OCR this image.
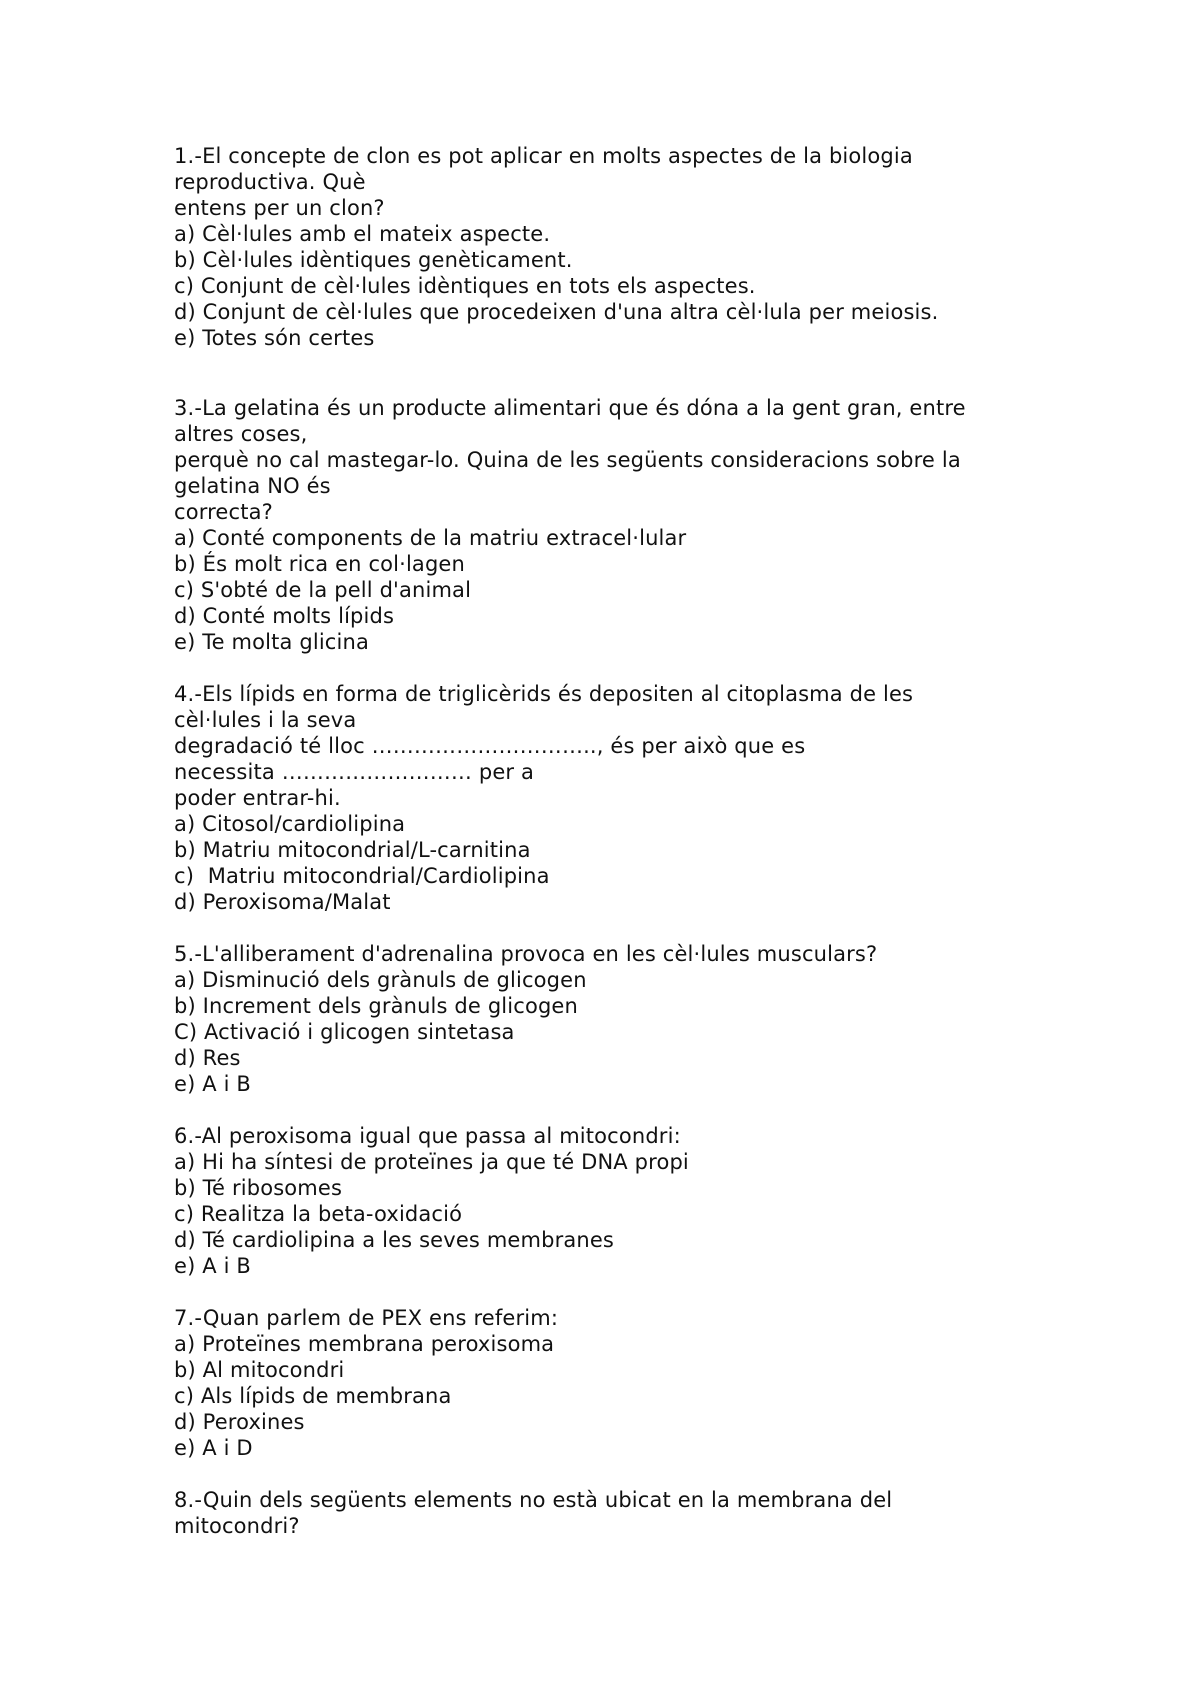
1.-El concepte de clon es pot aplicar en molts aspectes de la biologia
reproductiva. Què
entens per un clon?
a) Cèl·lules amb el mateix aspecte.
b) Cèl·lules idèntiques genèticament.
c) Conjunt de cèl·lules idèntiques en tots els aspectes.
d) Conjunt de cèl·lules que procedeixen d'una altra cèl·lula per meiosis.
e) Totes són certes
3.-La gelatina és un producte alimentari que és dóna a la gent gran, entre
altres coses,
perquè no cal mastegar-lo. Quina de les següents consideracions sobre la
gelatina NO és
correcta?
a) Conté components de la matriu extracel·lular
b) És molt rica en col·lagen
c) S'obté de la pell d'animal
d) Conté molts lípids
e) Te molta glicina
4.-Els lípids en forma de triglicèrids és depositen al citoplasma de les
cèl·lules i la seva
degradació té lloc ………………………….., és per això que es
necessita ……………………… per a
poder entrar-hi.
a) Citosol/cardiolipina
b) Matriu mitocondrial/L-carnitina
c)  Matriu mitocondrial/Cardiolipina
d) Peroxisoma/Malat
5.-L'alliberament d'adrenalina provoca en les cèl·lules musculars?
a) Disminució dels grànuls de glicogen
b) Increment dels grànuls de glicogen
C) Activació i glicogen sintetasa
d) Res
e) A i B
6.-Al peroxisoma igual que passa al mitocondri:
a) Hi ha síntesi de proteïnes ja que té DNA propi
b) Té ribosomes
c) Realitza la beta-oxidació
d) Té cardiolipina a les seves membranes
e) A i B
7.-Quan parlem de PEX ens referim:
a) Proteïnes membrana peroxisoma
b) Al mitocondri
c) Als lípids de membrana
d) Peroxines
e) A i D
8.-Quin dels següents elements no està ubicat en la membrana del
mitocondri?
